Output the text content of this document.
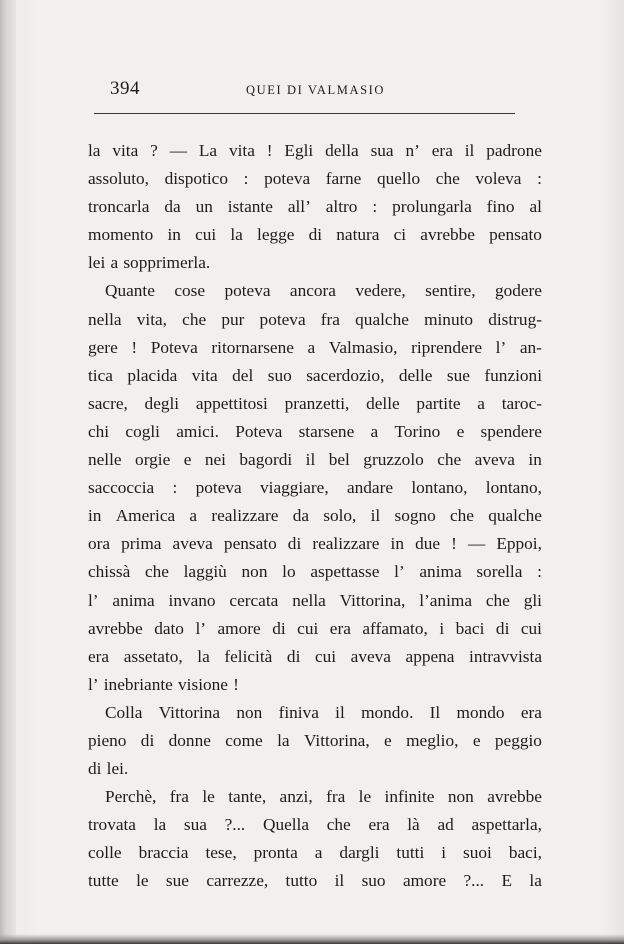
394	QUEI DI VALMASIO
la vita ? — La vita ! Egli della sua n’ era il padrone
assoluto, dispotico : poteva farne quello che voleva :
troncarla da un istante all’ altro : prolungarla fino al
momento in cui la legge di natura ci avrebbe pensato
lei a sopprimerla.
Quante cose poteva ancora vedere, sentire, godere
nella vita, che pur poteva fra qualche minuto distrug-
gere ! Poteva ritornarsene a Valmasio, riprendere l’ an-
tica placida vita del suo sacerdozio, delle sue funzioni
sacre, degli appettitosi pranzetti, delle partite a taroc-
chi cogli amici. Poteva starsene a Torino e spendere
nelle orgie e nei bagordi il bel gruzzolo che aveva in
saccoccia : poteva viaggiare, andare lontano, lontano,
in America a realizzare da solo, il sogno che qualche
ora prima aveva pensato di realizzare in due ! — Eppoi,
chissà che laggiù non lo aspettasse l’ anima sorella :
l’ anima invano cercata nella Vittorina, l’anima che gli
avrebbe dato l’ amore di cui era affamato, i baci di cui
era assetato, la felicità di cui aveva appena intravvista
l’ inebriante visione !
Colla Vittorina non finiva il mondo. Il mondo era
pieno di donne come la Vittorina, e meglio, e peggio
di lei.
Perchè, fra le tante, anzi, fra le infinite non avrebbe
trovata la sua ?... Quella che era là ad aspettarla,
colle braccia tese, pronta a dargli tutti i suoi baci,
tutte le sue carrezze, tutto il suo amore ?... E la
